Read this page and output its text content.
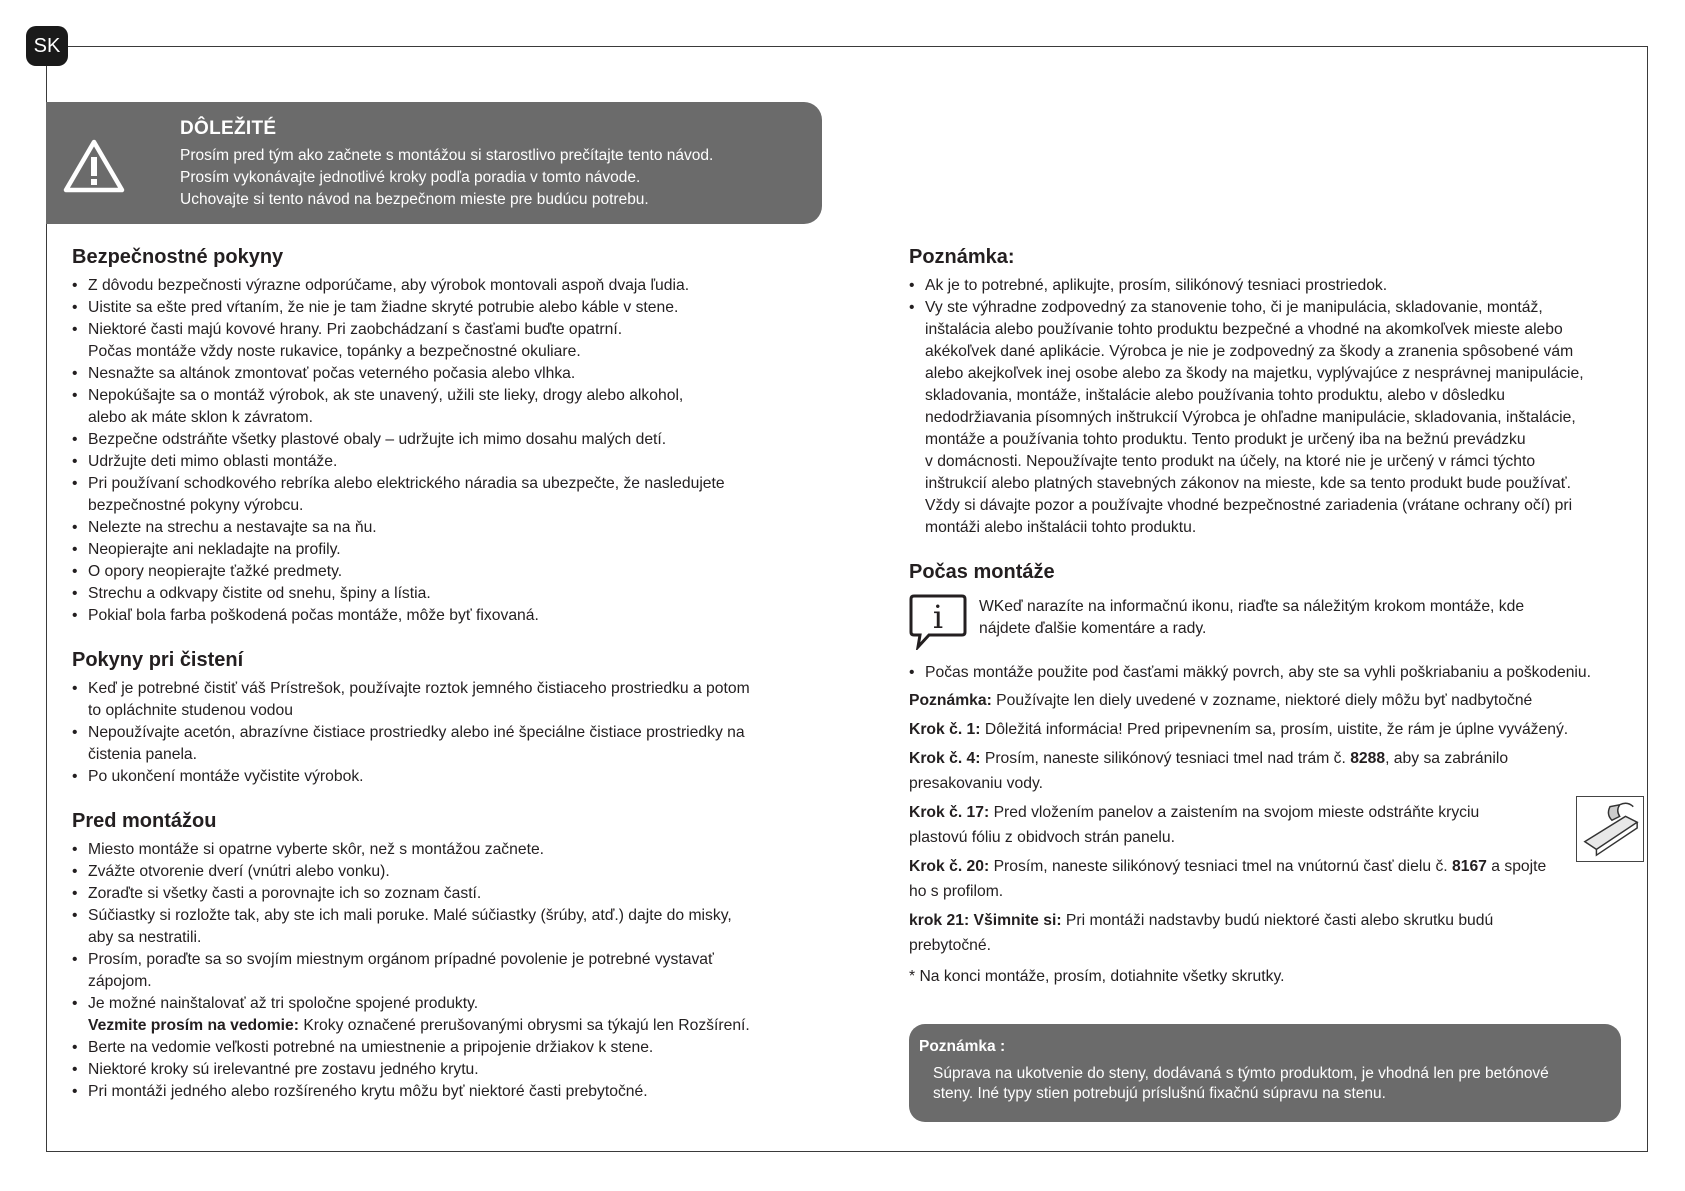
SK
DÔLEŽITÉ
Prosím pred tým ako začnete s montážou si starostlivo prečítajte tento návod.
Prosím vykonávajte jednotlivé kroky podľa poradia v tomto návode.
Uchovajte si tento návod na bezpečnom mieste pre budúcu potrebu.
Bezpečnostné pokyny
• Z dôvodu bezpečnosti výrazne odporúčame, aby výrobok montovali aspoň dvaja ľudia.
• Uistite sa ešte pred vŕtaním, že nie je tam žiadne skryté potrubie alebo káble v stene.
• Niektoré časti majú kovové hrany. Pri zaobchádzaní s časťami buďte opatrní.
Počas montáže vždy noste rukavice, topánky a bezpečnostné okuliare.
• Nesnažte sa altánok zmontovať počas veterného počasia alebo vlhka.
• Nepokúšajte sa o montáž výrobok, ak ste unavený, užili ste lieky, drogy alebo alkohol,
alebo ak máte sklon k závratom.
• Bezpečne odstráňte všetky plastové obaly – udržujte ich mimo dosahu malých detí.
• Udržujte deti mimo oblasti montáže.
• Pri používaní schodkového rebríka alebo elektrického náradia sa ubezpečte, že nasledujete
bezpečnostné pokyny výrobcu.
• Nelezte na strechu a nestavajte sa na ňu.
• Neopierajte ani nekladajte na profily.
• O opory neopierajte ťažké predmety.
• Strechu a odkvapy čistite od snehu, špiny a lístia.
• Pokiaľ bola farba poškodená počas montáže, môže byť fixovaná.
Pokyny pri čistení
• Keď je potrebné čistiť váš Prístrešok, používajte roztok jemného čistiaceho prostriedku a potom
to opláchnite studenou vodou
• Nepoužívajte acetón, abrazívne čistiace prostriedky alebo iné špeciálne čistiace prostriedky na
čistenia panela.
• Po ukončení montáže vyčistite výrobok.
Pred montážou
• Miesto montáže si opatrne vyberte skôr, než s montážou začnete.
• Zvážte otvorenie dverí (vnútri alebo vonku).
• Zoraďte si všetky časti a porovnajte ich so zoznam častí.
• Súčiastky si rozložte tak, aby ste ich mali poruke. Malé súčiastky (šrúby, atď.) dajte do misky,
aby sa nestratili.
• Prosím, poraďte sa so svojím miestnym orgánom prípadné povolenie je potrebné vystavať
zápojom.
• Je možné nainštalovať až tri spoločne spojené produkty.
Vezmite prosím na vedomie: Kroky označené prerušovanými obrysmi sa týkajú len Rozšírení.
• Berte na vedomie veľkosti potrebné na umiestnenie a pripojenie držiakov k stene.
• Niektoré kroky sú irelevantné pre zostavu jedného krytu.
• Pri montáži jedného alebo rozšíreného krytu môžu byť niektoré časti prebytočné.
Poznámka:
• Ak je to potrebné, aplikujte, prosím, silikónový tesniaci prostriedok.
• Vy ste výhradne zodpovedný za stanovenie toho, či je manipulácia, skladovanie, montáž,
inštalácia alebo používanie tohto produktu bezpečné a vhodné na akomkoľvek mieste alebo
akékoľvek dané aplikácie. Výrobca je nie je zodpovedný za škody a zranenia spôsobené vám
alebo akejkoľvek inej osobe alebo za škody na majetku, vyplývajúce z nesprávnej manipulácie,
skladovania, montáže, inštalácie alebo používania tohto produktu, alebo v dôsledku
nedodržiavania písomných inštrukcií Výrobca je ohľadne manipulácie, skladovania, inštalácie,
montáže a používania tohto produktu. Tento produkt je určený iba na bežnú prevádzku
v domácnosti. Nepoužívajte tento produkt na účely, na ktoré nie je určený v rámci týchto
inštrukcií alebo platných stavebných zákonov na mieste, kde sa tento produkt bude používať.
Vždy si dávajte pozor a používajte vhodné bezpečnostné zariadenia (vrátane ochrany očí) pri
montáži alebo inštalácii tohto produktu.
Počas montáže
i WKeď narazíte na informačnú ikonu, riaďte sa náležitým krokom montáže, kde
nájdete ďalšie komentáre a rady.
• Počas montáže použite pod časťami mäkký povrch, aby ste sa vyhli poškriabaniu a poškodeniu.
Poznámka: Používajte len diely uvedené v zozname, niektoré diely môžu byť nadbytočné
Krok č. 1: Dôležitá informácia! Pred pripevnením sa, prosím, uistite, že rám je úplne vyvážený.
Krok č. 4: Prosím, naneste silikónový tesniaci tmel nad trám č. 8288, aby sa zabránilo
presakovaniu vody.
Krok č. 17: Pred vložením panelov a zaistením na svojom mieste odstráňte kryciu
plastovú fóliu z obidvoch strán panelu.
Krok č. 20: Prosím, naneste silikónový tesniaci tmel na vnútornú časť dielu č. 8167 a spojte
ho s profilom.
krok 21: Všimnite si: Pri montáži nadstavby budú niektoré časti alebo skrutku budú
prebytočné.
* Na konci montáže, prosím, dotiahnite všetky skrutky.
Poznámka :
Súprava na ukotvenie do steny, dodávaná s týmto produktom, je vhodná len pre betónové
steny. Iné typy stien potrebujú príslušnú fixačnú súpravu na stenu.
